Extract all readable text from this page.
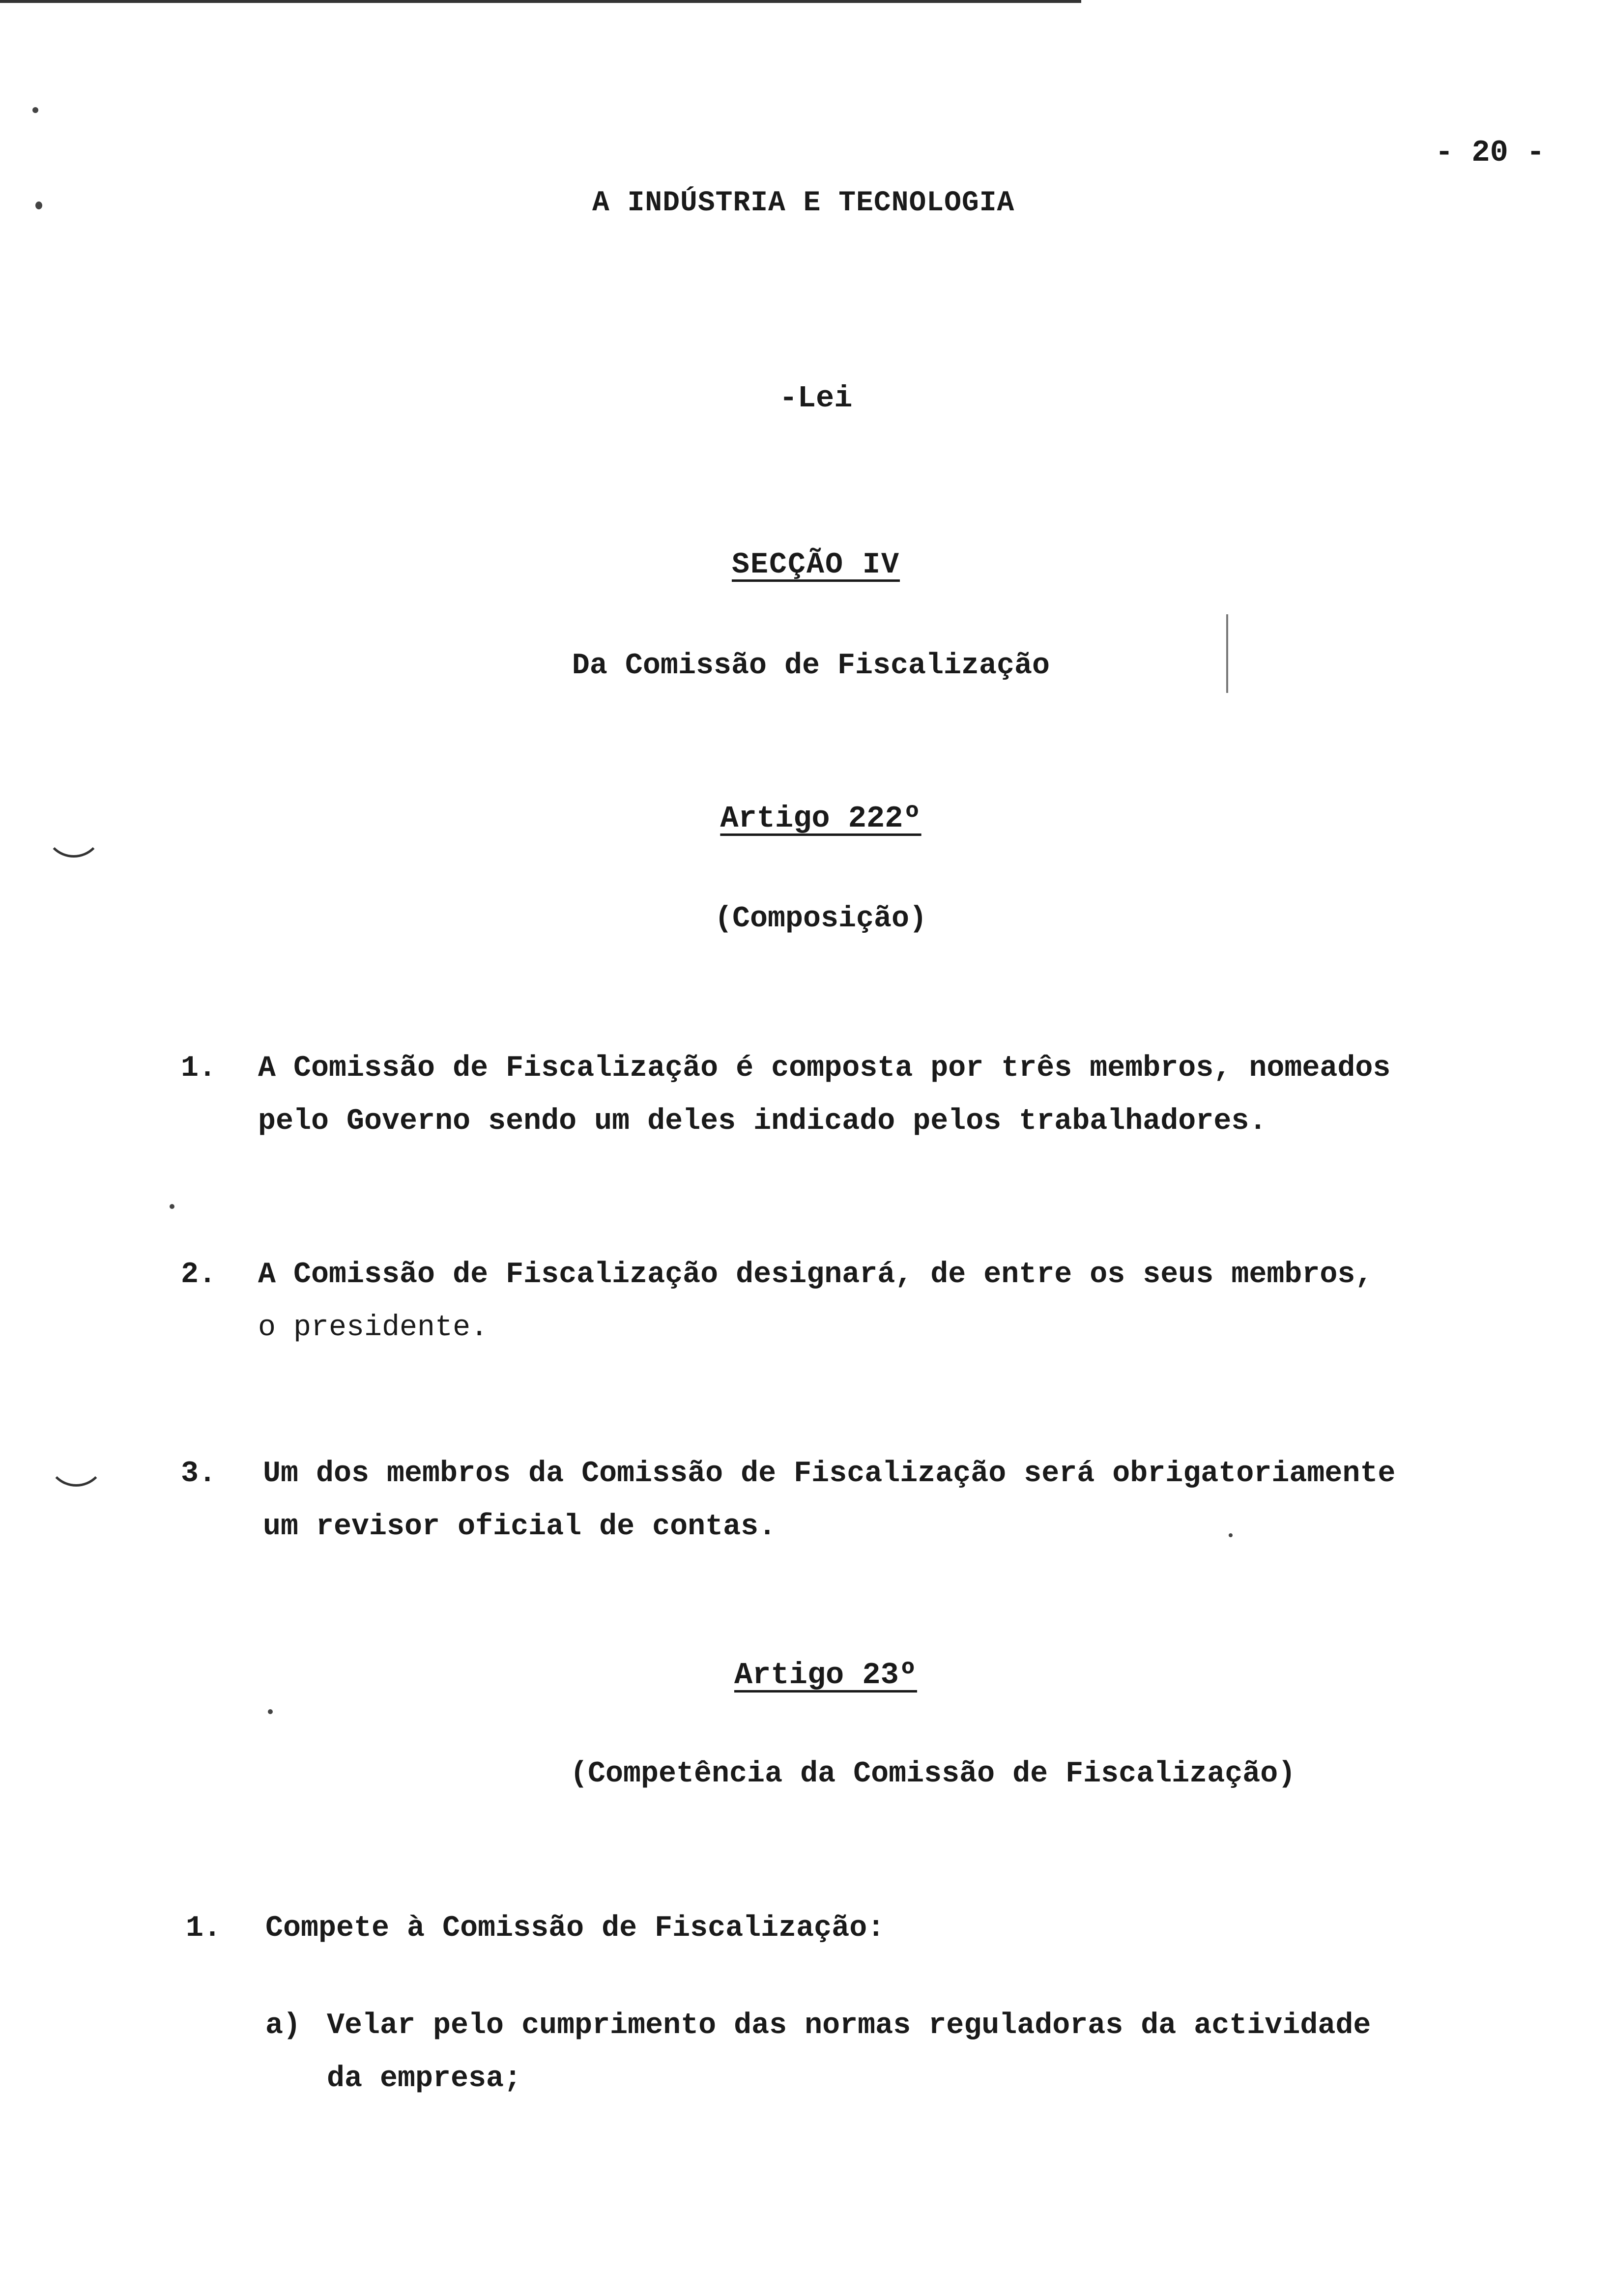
- 20 -
A INDÚSTRIA E TECNOLOGIA
-Lei
SECÇÃO IV
Da Comissão de Fiscalização
Artigo 222º
(Composição)
1. A Comissão de Fiscalização é composta por três membros, nomeados
pelo Governo sendo um deles indicado pelos trabalhadores.
2. A Comissão de Fiscalização designará, de entre os seus membros,
o presidente.
3. Um dos membros da Comissão de Fiscalização será obrigatoriamente
um revisor oficial de contas.
Artigo 23º
(Competência da Comissão de Fiscalização)
1. Compete à Comissão de Fiscalização:
a) Velar pelo cumprimento das normas reguladoras da actividade
da empresa;
